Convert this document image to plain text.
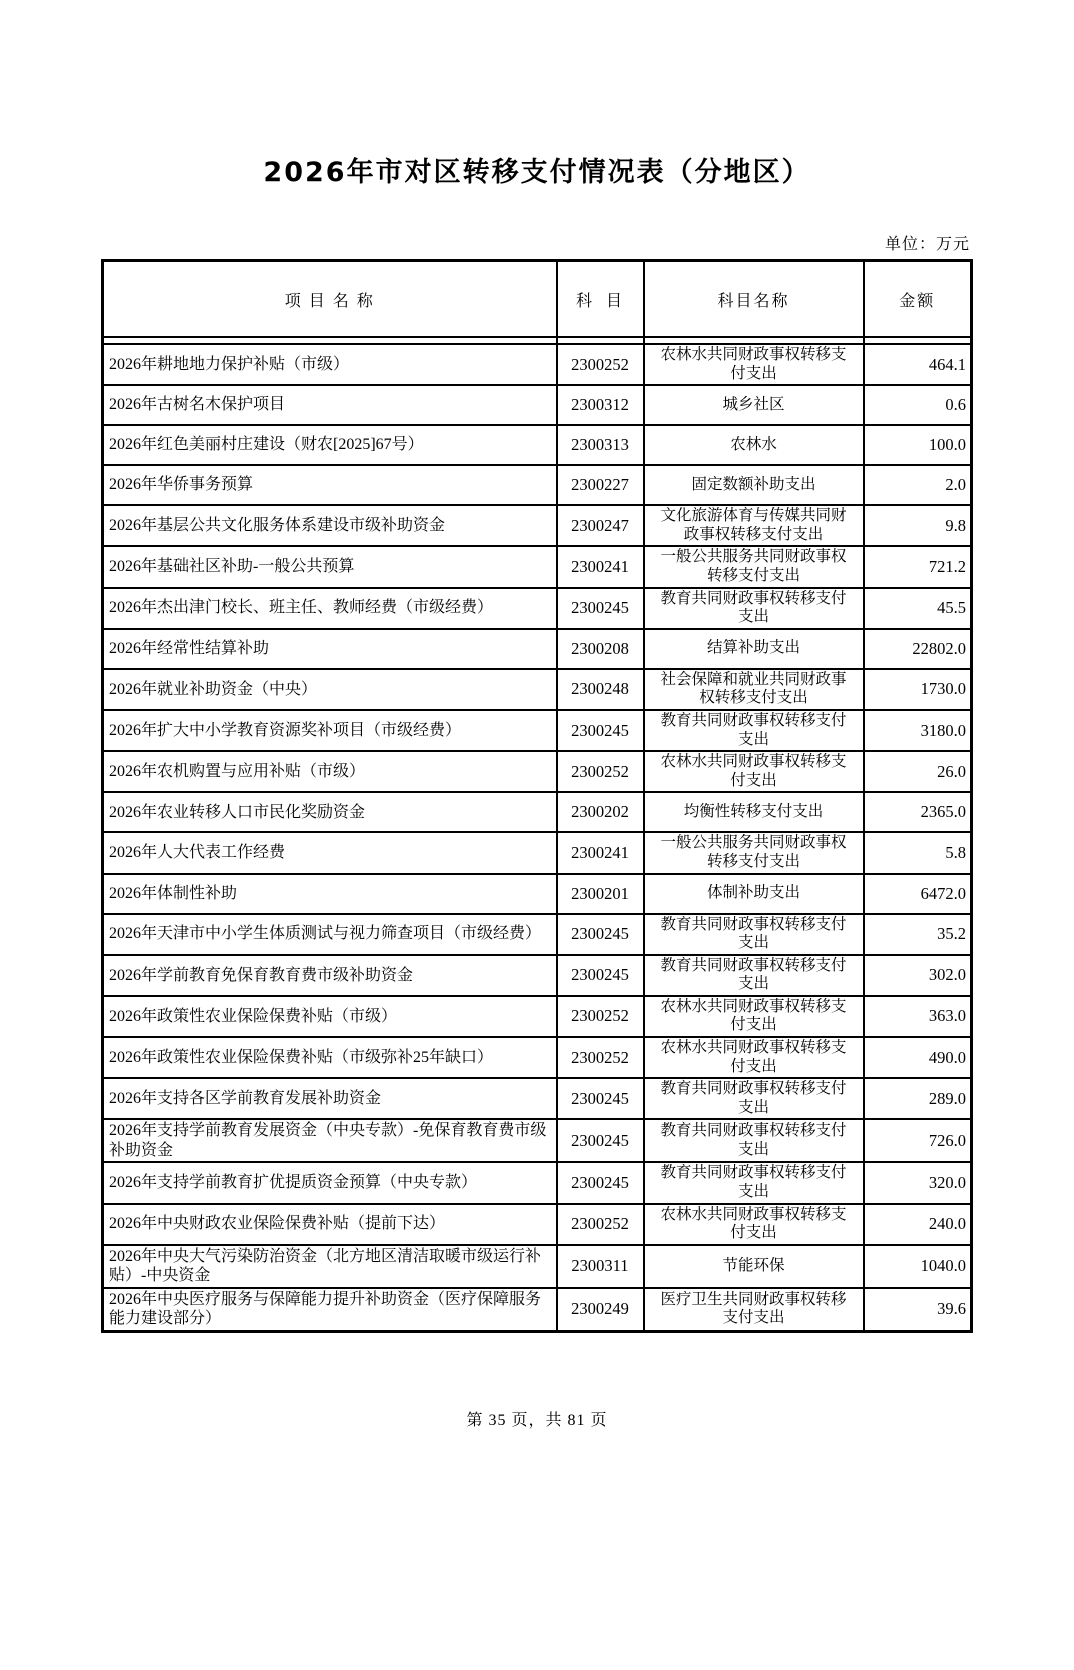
2026年市对区转移支付情况表（分地区）
单位：万元
项 目 名 称	科  目	科目名称	金额

2026年耕地地力保护补贴（市级）	2300252	农林水共同财政事权转移支付支出	464.1
2026年古树名木保护项目	2300312	城乡社区	0.6
2026年红色美丽村庄建设（财农[2025]67号）	2300313	农林水	100.0
2026年华侨事务预算	2300227	固定数额补助支出	2.0
2026年基层公共文化服务体系建设市级补助资金	2300247	文化旅游体育与传媒共同财政事权转移支付支出	9.8
2026年基础社区补助-一般公共预算	2300241	一般公共服务共同财政事权转移支付支出	721.2
2026年杰出津门校长、班主任、教师经费（市级经费）	2300245	教育共同财政事权转移支付支出	45.5
2026年经常性结算补助	2300208	结算补助支出	22802.0
2026年就业补助资金（中央）	2300248	社会保障和就业共同财政事权转移支付支出	1730.0
2026年扩大中小学教育资源奖补项目（市级经费）	2300245	教育共同财政事权转移支付支出	3180.0
2026年农机购置与应用补贴（市级）	2300252	农林水共同财政事权转移支付支出	26.0
2026年农业转移人口市民化奖励资金	2300202	均衡性转移支付支出	2365.0
2026年人大代表工作经费	2300241	一般公共服务共同财政事权转移支付支出	5.8
2026年体制性补助	2300201	体制补助支出	6472.0
2026年天津市中小学生体质测试与视力筛查项目（市级经费）	2300245	教育共同财政事权转移支付支出	35.2
2026年学前教育免保育教育费市级补助资金	2300245	教育共同财政事权转移支付支出	302.0
2026年政策性农业保险保费补贴（市级）	2300252	农林水共同财政事权转移支付支出	363.0
2026年政策性农业保险保费补贴（市级弥补25年缺口）	2300252	农林水共同财政事权转移支付支出	490.0
2026年支持各区学前教育发展补助资金	2300245	教育共同财政事权转移支付支出	289.0
2026年支持学前教育发展资金（中央专款）-免保育教育费市级补助资金	2300245	教育共同财政事权转移支付支出	726.0
2026年支持学前教育扩优提质资金预算（中央专款）	2300245	教育共同财政事权转移支付支出	320.0
2026年中央财政农业保险保费补贴（提前下达）	2300252	农林水共同财政事权转移支付支出	240.0
2026年中央大气污染防治资金（北方地区清洁取暖市级运行补贴）-中央资金	2300311	节能环保	1040.0
2026年中央医疗服务与保障能力提升补助资金（医疗保障服务能力建设部分）	2300249	医疗卫生共同财政事权转移支付支出	39.6
第 35 页，共 81 页
